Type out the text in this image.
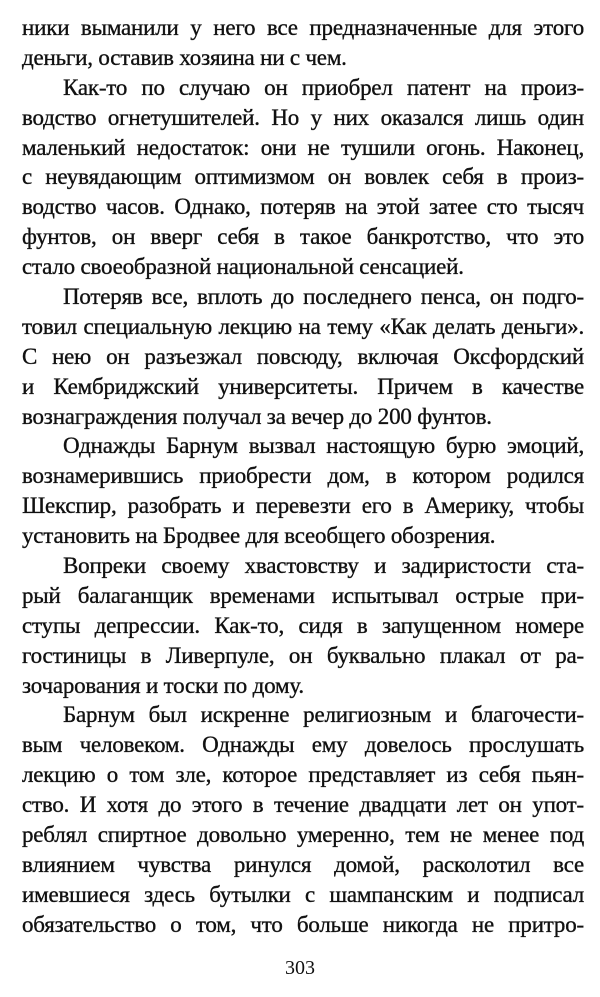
ники выманили у него все предназначенные для этого
деньги, оставив хозяина ни с чем.
Как-то по случаю он приобрел патент на произ-
водство огнетушителей. Но у них оказался лишь один
маленький недостаток: они не тушили огонь. Наконец,
с неувядающим оптимизмом он вовлек себя в произ-
водство часов. Однако, потеряв на этой затее сто тысяч
фунтов, он вверг себя в такое банкротство, что это
стало своеобразной национальной сенсацией.
Потеряв все, вплоть до последнего пенса, он подго-
товил специальную лекцию на тему «Как делать деньги».
С нею он разъезжал повсюду, включая Оксфордский
и Кембриджский университеты. Причем в качестве
вознаграждения получал за вечер до 200 фунтов.
Однажды Барнум вызвал настоящую бурю эмоций,
вознамерившись приобрести дом, в котором родился
Шекспир, разобрать и перевезти его в Америку, чтобы
установить на Бродвее для всеобщего обозрения.
Вопреки своему хвастовству и задиристости ста-
рый балаганщик временами испытывал острые при-
ступы депрессии. Как-то, сидя в запущенном номере
гостиницы в Ливерпуле, он буквально плакал от ра-
зочарования и тоски по дому.
Барнум был искренне религиозным и благочести-
вым человеком. Однажды ему довелось прослушать
лекцию о том зле, которое представляет из себя пьян-
ство. И хотя до этого в течение двадцати лет он упот-
реблял спиртное довольно умеренно, тем не менее под
влиянием чувства ринулся домой, расколотил все
имевшиеся здесь бутылки с шампанским и подписал
обязательство о том, что больше никогда не притро-
303
